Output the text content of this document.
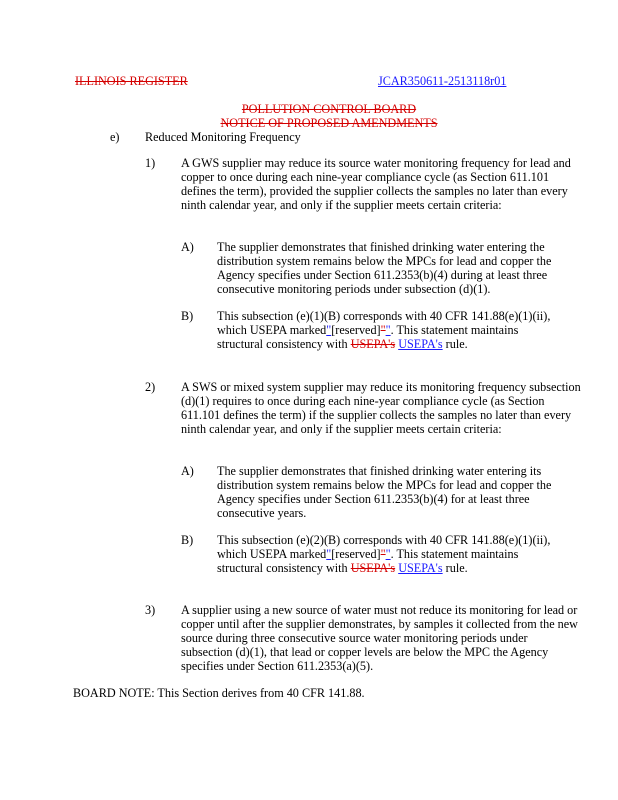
ILLINOIS REGISTER	JCAR350611-2513118r01
POLLUTION CONTROL BOARD
NOTICE OF PROPOSED AMENDMENTS
e) Reduced Monitoring Frequency
1) A GWS supplier may reduce its source water monitoring frequency for lead and copper to once during each nine-year compliance cycle (as Section 611.101 defines the term), provided the supplier collects the samples no later than every ninth calendar year, and only if the supplier meets certain criteria:
A) The supplier demonstrates that finished drinking water entering the distribution system remains below the MPCs for lead and copper the Agency specifies under Section 611.2353(b)(4) during at least three consecutive monitoring periods under subsection (d)(1).
B) This subsection (e)(1)(B) corresponds with 40 CFR 141.88(e)(1)(ii), which USEPA marked"[reserved]"". This statement maintains structural consistency with USEPA's USEPA's rule.
2) A SWS or mixed system supplier may reduce its monitoring frequency subsection (d)(1) requires to once during each nine-year compliance cycle (as Section 611.101 defines the term) if the supplier collects the samples no later than every ninth calendar year, and only if the supplier meets certain criteria:
A) The supplier demonstrates that finished drinking water entering its distribution system remains below the MPCs for lead and copper the Agency specifies under Section 611.2353(b)(4) for at least three consecutive years.
B) This subsection (e)(2)(B) corresponds with 40 CFR 141.88(e)(1)(ii), which USEPA marked"[reserved]"". This statement maintains structural consistency with USEPA's USEPA's rule.
3) A supplier using a new source of water must not reduce its monitoring for lead or copper until after the supplier demonstrates, by samples it collected from the new source during three consecutive source water monitoring periods under subsection (d)(1), that lead or copper levels are below the MPC the Agency specifies under Section 611.2353(a)(5).
BOARD NOTE: This Section derives from 40 CFR 141.88.
